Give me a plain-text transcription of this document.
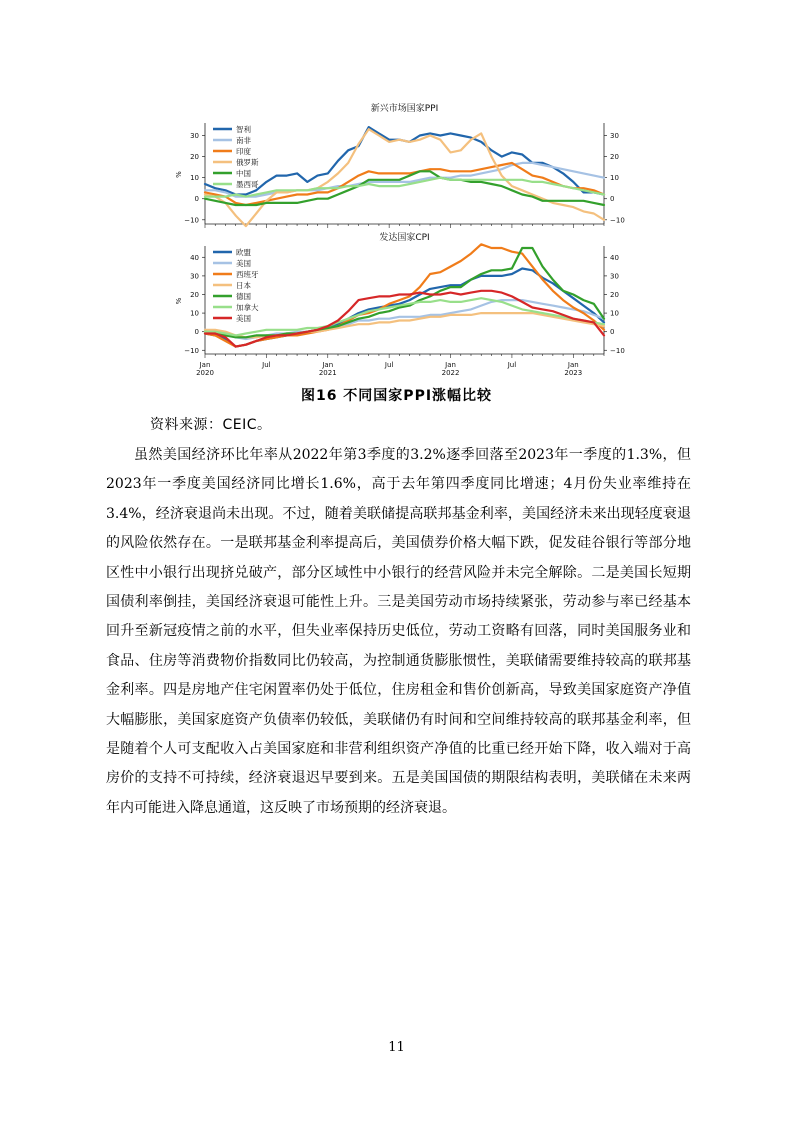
新兴市场国家PPI
%
−10	−10
0	0
10	10
20	20
30	30
智利
南非
印度
俄罗斯
中国
墨西哥
发达国家CPI
%
−10	−10
0	0
10	10
20	20
30	30
40	40
欧盟
美国
西班牙
日本
德国
加拿大
美国
Jan
2020
Jul	Jan
2021
Jul	Jan
2022
Jul	Jan
2023
图16 不同国家PPI涨幅比较
资料来源：CEIC。

虽然美国经济环比年率从2022年第3季度的3.2%逐季回落至2023年一季度的1.3%，但2023年一季度美国经济同比增长1.6%，高于去年第四季度同比增速；4月份失业率维持在3.4%，经济衰退尚未出现。不过，随着美联储提高联邦基金利率，美国经济未来出现轻度衰退的风险依然存在。一是联邦基金利率提高后，美国债券价格大幅下跌，促发硅谷银行等部分地区性中小银行出现挤兑破产，部分区域性中小银行的经营风险并未完全解除。二是美国长短期国债利率倒挂，美国经济衰退可能性上升。三是美国劳动市场持续紧张，劳动参与率已经基本回升至新冠疫情之前的水平，但失业率保持历史低位，劳动工资略有回落，同时美国服务业和食品、住房等消费物价指数同比仍较高，为控制通货膨胀惯性，美联储需要维持较高的联邦基金利率。四是房地产住宅闲置率仍处于低位，住房租金和售价创新高，导致美国家庭资产净值大幅膨胀，美国家庭资产负债率仍较低，美联储仍有时间和空间维持较高的联邦基金利率，但是随着个人可支配收入占美国家庭和非营利组织资产净值的比重已经开始下降，收入端对于高房价的支持不可持续，经济衰退迟早要到来。五是美国国债的期限结构表明，美联储在未来两年内可能进入降息通道，这反映了市场预期的经济衰退。

11
